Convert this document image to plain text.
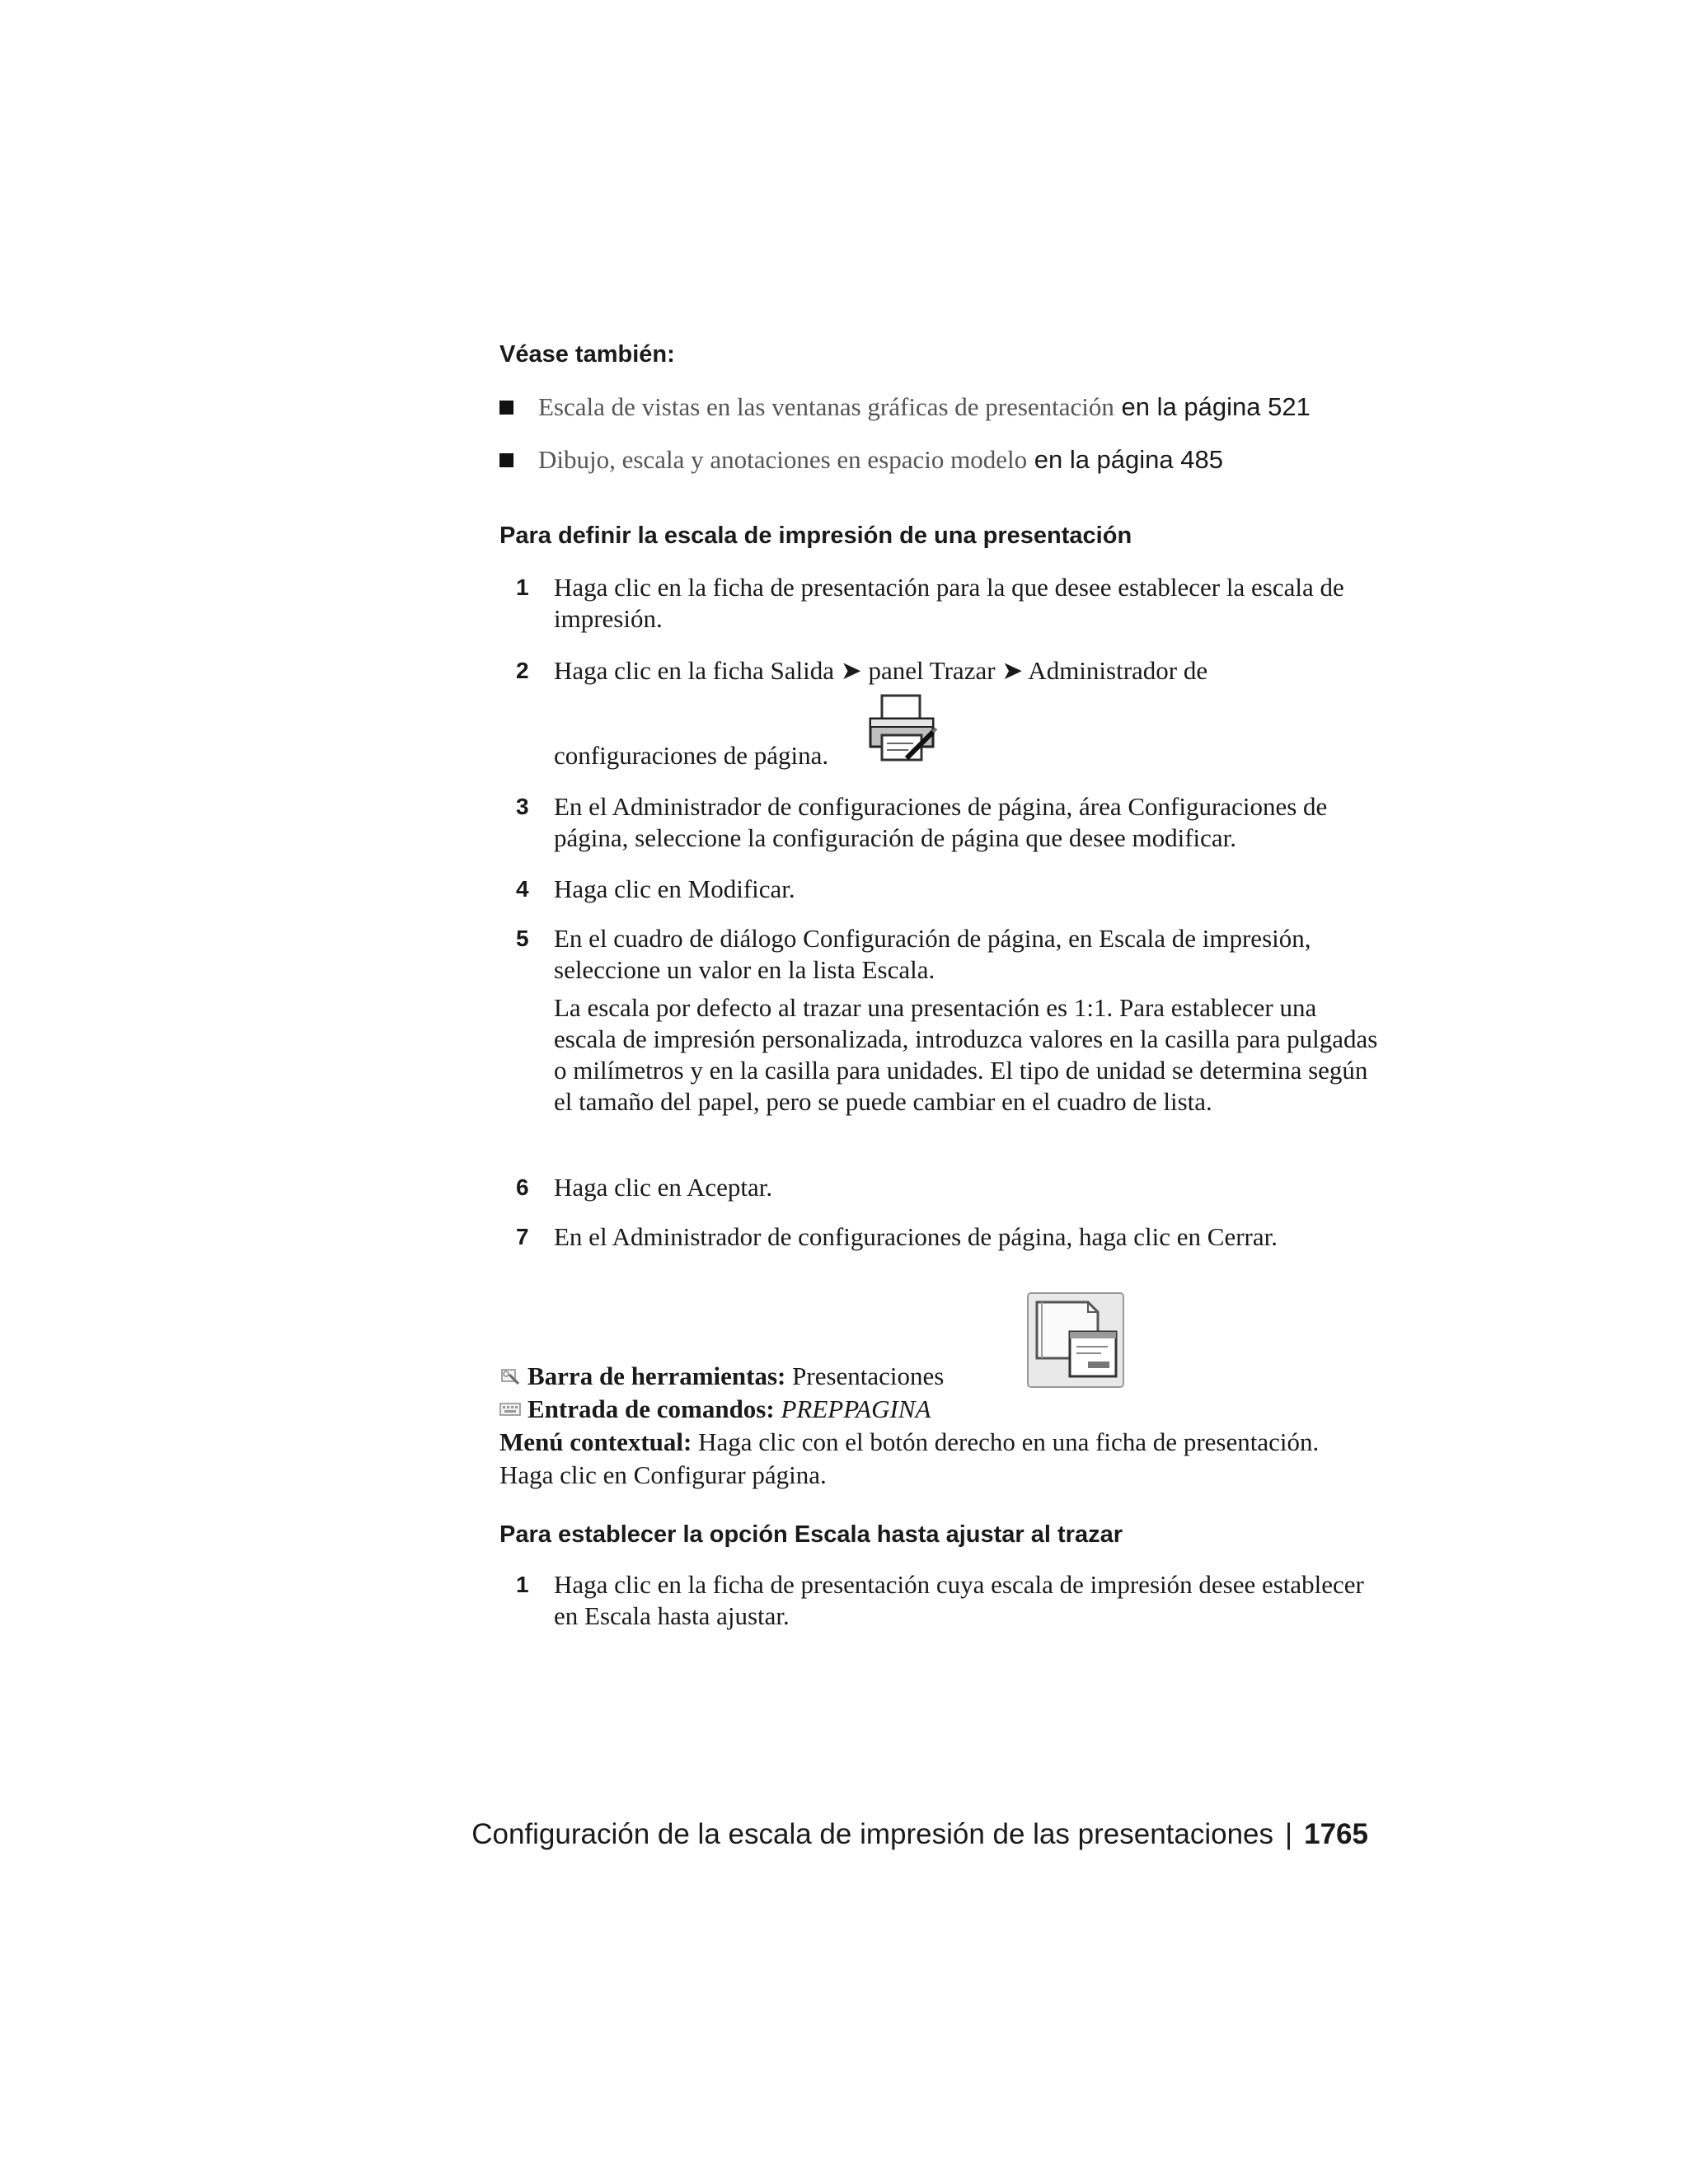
Véase también:
Escala de vistas en las ventanas gráficas de presentación en la página 521
Dibujo, escala y anotaciones en espacio modelo en la página 485
Para definir la escala de impresión de una presentación
1 Haga clic en la ficha de presentación para la que desee establecer la escala de impresión.
2 Haga clic en la ficha Salida ➤ panel Trazar ➤ Administrador de
configuraciones de página.
3 En el Administrador de configuraciones de página, área Configuraciones de página, seleccione la configuración de página que desee modificar.
4 Haga clic en Modificar.
5 En el cuadro de diálogo Configuración de página, en Escala de impresión, seleccione un valor en la lista Escala.
La escala por defecto al trazar una presentación es 1:1. Para establecer una escala de impresión personalizada, introduzca valores en la casilla para pulgadas o milímetros y en la casilla para unidades. El tipo de unidad se determina según el tamaño del papel, pero se puede cambiar en el cuadro de lista.
6 Haga clic en Aceptar.
7 En el Administrador de configuraciones de página, haga clic en Cerrar.
Barra de herramientas: Presentaciones
Entrada de comandos: PREPPAGINA
Menú contextual: Haga clic con el botón derecho en una ficha de presentación. Haga clic en Configurar página.
Para establecer la opción Escala hasta ajustar al trazar
1 Haga clic en la ficha de presentación cuya escala de impresión desee establecer en Escala hasta ajustar.
Configuración de la escala de impresión de las presentaciones | 1765
